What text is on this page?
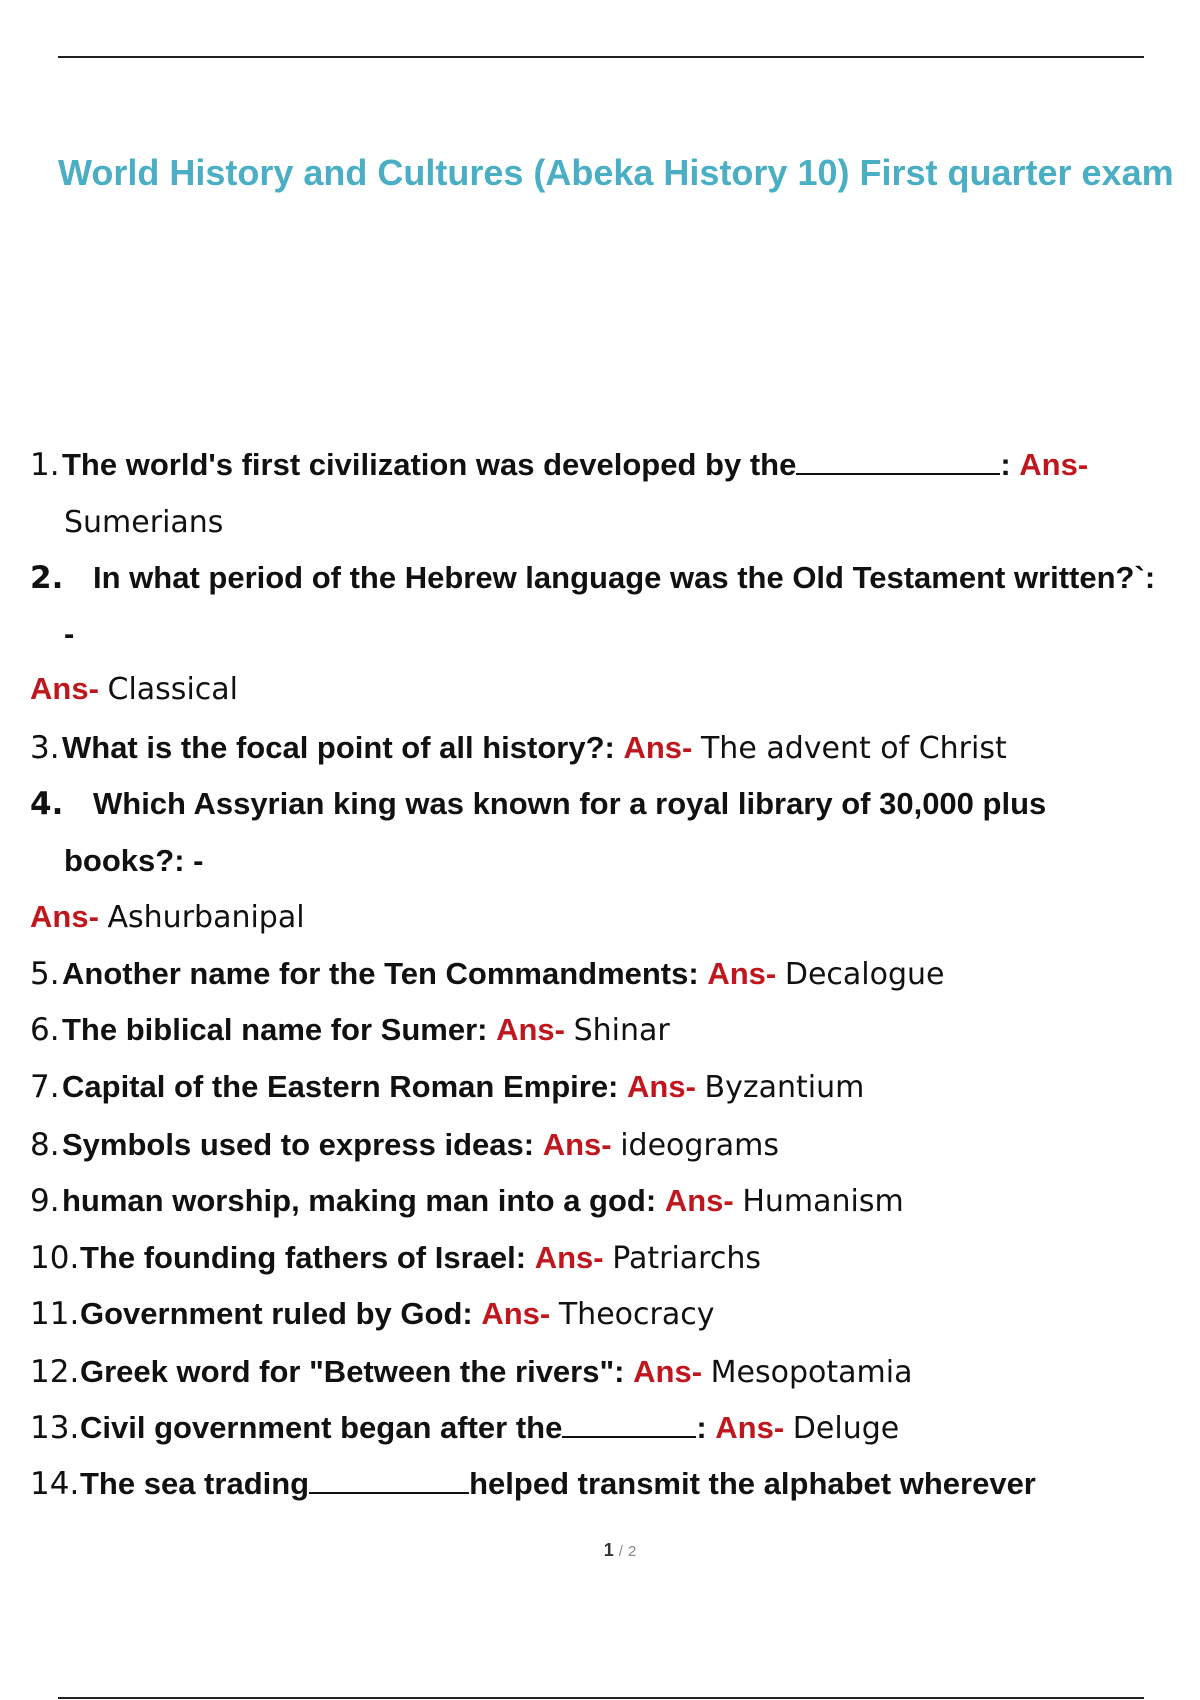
World History and Cultures (Abeka History 10) First quarter exam
1.The world's first civilization was developed by the	: Ans-
Sumerians
2. In what period of the Hebrew language was the Old Testament written?`:
-
Ans- Classical
3.What is the focal point of all history?: Ans- The advent of Christ
4. Which Assyrian king was known for a royal library of 30,000 plus
books?: -
Ans- Ashurbanipal
5.Another name for the Ten Commandments: Ans- Decalogue
6.The biblical name for Sumer: Ans- Shinar
7.Capital of the Eastern Roman Empire: Ans- Byzantium
8.Symbols used to express ideas: Ans- ideograms
9.human worship, making man into a god: Ans- Humanism
10.The founding fathers of Israel: Ans- Patriarchs
11.Government ruled by God: Ans- Theocracy
12.Greek word for "Between the rivers": Ans- Mesopotamia
13.Civil government began after the	: Ans- Deluge
14.The sea trading	helped transmit the alphabet wherever
1 / 2
